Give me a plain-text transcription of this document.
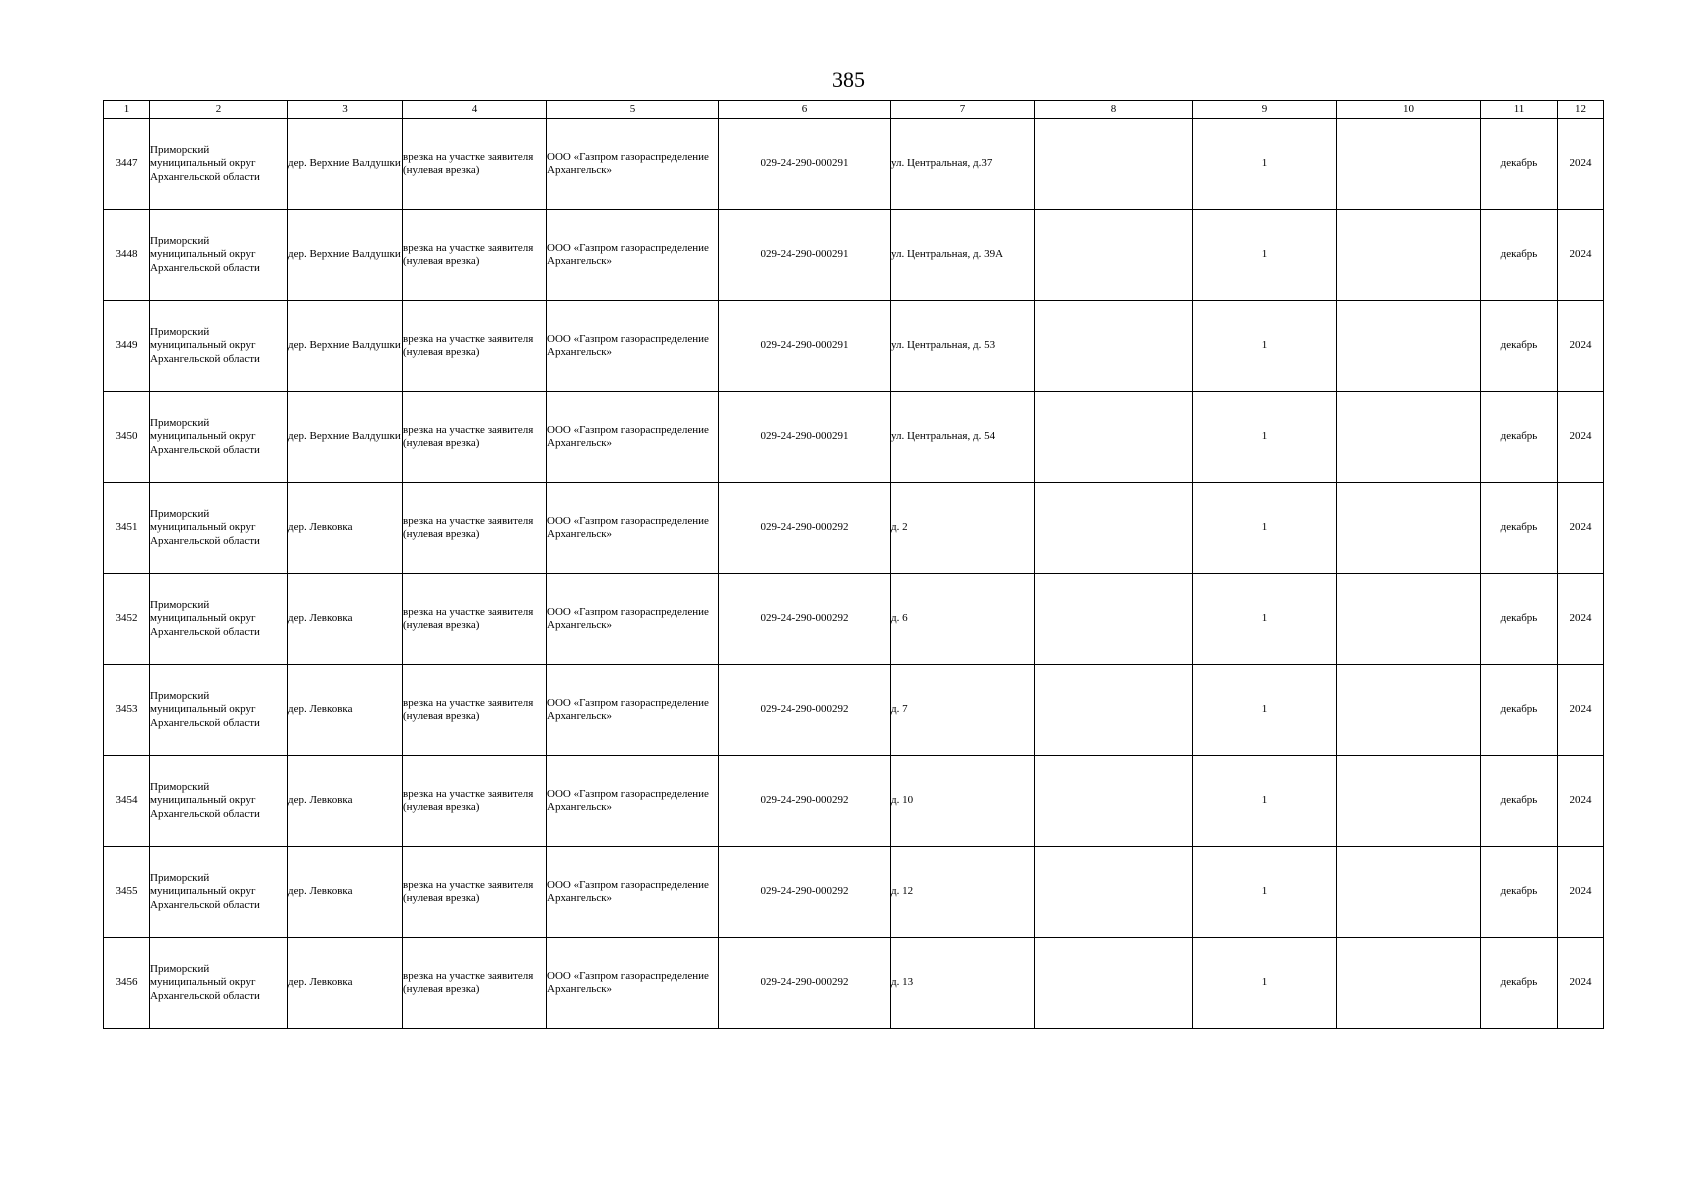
385
1	2	3	4	5	6	7	8	9	10	11	12
3447	Приморский муниципальный округ Архангельской области	дер. Верхние Валдушки	врезка на участке заявителя (нулевая врезка)	ООО «Газпром газораспределение Архангельск»	029-24-290-000291	ул. Центральная, д.37		1		декабрь	2024
3448	Приморский муниципальный округ Архангельской области	дер. Верхние Валдушки	врезка на участке заявителя (нулевая врезка)	ООО «Газпром газораспределение Архангельск»	029-24-290-000291	ул. Центральная, д. 39А		1		декабрь	2024
3449	Приморский муниципальный округ Архангельской области	дер. Верхние Валдушки	врезка на участке заявителя (нулевая врезка)	ООО «Газпром газораспределение Архангельск»	029-24-290-000291	ул. Центральная, д. 53		1		декабрь	2024
3450	Приморский муниципальный округ Архангельской области	дер. Верхние Валдушки	врезка на участке заявителя (нулевая врезка)	ООО «Газпром газораспределение Архангельск»	029-24-290-000291	ул. Центральная, д. 54		1		декабрь	2024
3451	Приморский муниципальный округ Архангельской области	дер. Левковка	врезка на участке заявителя (нулевая врезка)	ООО «Газпром газораспределение Архангельск»	029-24-290-000292	д. 2		1		декабрь	2024
3452	Приморский муниципальный округ Архангельской области	дер. Левковка	врезка на участке заявителя (нулевая врезка)	ООО «Газпром газораспределение Архангельск»	029-24-290-000292	д. 6		1		декабрь	2024
3453	Приморский муниципальный округ Архангельской области	дер. Левковка	врезка на участке заявителя (нулевая врезка)	ООО «Газпром газораспределение Архангельск»	029-24-290-000292	д. 7		1		декабрь	2024
3454	Приморский муниципальный округ Архангельской области	дер. Левковка	врезка на участке заявителя (нулевая врезка)	ООО «Газпром газораспределение Архангельск»	029-24-290-000292	д. 10		1		декабрь	2024
3455	Приморский муниципальный округ Архангельской области	дер. Левковка	врезка на участке заявителя (нулевая врезка)	ООО «Газпром газораспределение Архангельск»	029-24-290-000292	д. 12		1		декабрь	2024
3456	Приморский муниципальный округ Архангельской области	дер. Левковка	врезка на участке заявителя (нулевая врезка)	ООО «Газпром газораспределение Архангельск»	029-24-290-000292	д. 13		1		декабрь	2024
